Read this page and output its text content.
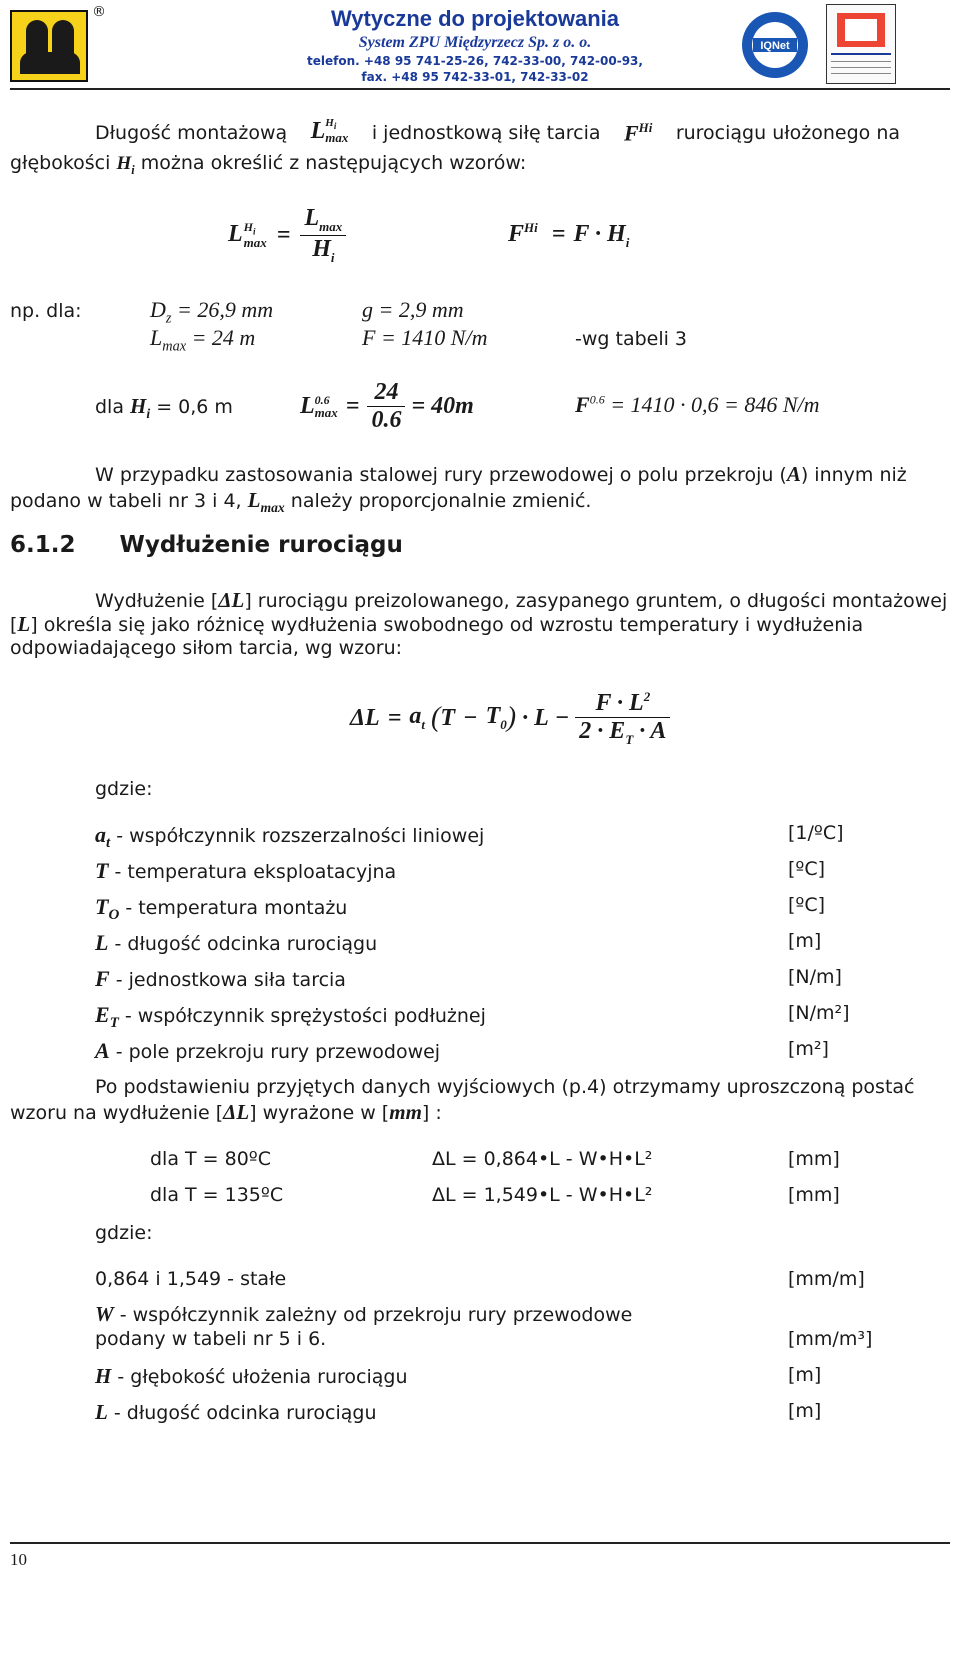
®	Wytyczne do projektowania
System ZPU Międzyrzecz Sp. z o. o.
telefon. +48 95 741-25-26, 742-33-00, 742-00-93,
fax. +48 95 742-33-01, 742-33-02
IQNet
Długość montażową L $_{H_i max}$ i jednostkową siłę tarcia $F^{Hi}$ rurociągu ułożonego na
głębokości $H_i$ można określić z następujących wzorów:
L $H_i$
$\max = \frac{L_{max}}{H_i}$	$F^{Hi} = F \cdot H_i$
np. dla:	$D_z = 26,9$ mm	g = 2,9 mm
$L_{max} = 24$ m	F = 1410 N/m	-wg tabeli 3
dla $H_i = 0,6$ m	L 0.6
$\max = \frac{24}{0.6} = 40m$	$F^{0.6} = 1410 \cdot 0,6 = 846$ N/m
W przypadku zastosowania stalowej rury przewodowej o polu przekroju (A) innym niż
podano w tabeli nr 3 i 4, $L_{max}$ należy proporcjonalnie zmienić.
6.1.2 Wydłużenie rurociągu
Wydłużenie [ΔL] rurociągu preizolowanego, zasypanego gruntem, o długości montażowej
[L] określa się jako różnicę wydłużenia swobodnego od wzrostu temperatury i wydłużenia
odpowiadającego siłom tarcia, wg wzoru:
$\Delta L = a_t$ ( $T - T_0$ ) · $L - \frac{F \cdot L^2}{2 \cdot E_T \cdot A}$
gdzie:
$a_t$ - współczynnik rozszerzalności liniowej	[1/ºC]
T - temperatura eksploatacyjna	[ºC]
$T_O$ - temperatura montażu	[ºC]
L - długość odcinka rurociągu	[m]
F - jednostkowa siła tarcia	[N/m]
$E_T$ - współczynnik sprężystości podłużnej	[N/m²]
A - pole przekroju rury przewodowej	[m²]
Po podstawieniu przyjętych danych wyjściowych (p.4) otrzymamy uproszczoną postać
wzoru na wydłużenie [ΔL] wyrażone w [mm] :
dla T = 80ºC	ΔL = 0,864•L - W•H•L²	[mm]
dla T = 135ºC	ΔL = 1,549•L - W•H•L²	[mm]
gdzie:
0,864 i 1,549 - stałe	[mm/m]
W - współczynnik zależny od przekroju rury przewodowe
podany w tabeli nr 5 i 6.	[mm/m³]
H - głębokość ułożenia rurociągu	[m]
L - długość odcinka rurociągu	[m]
10
